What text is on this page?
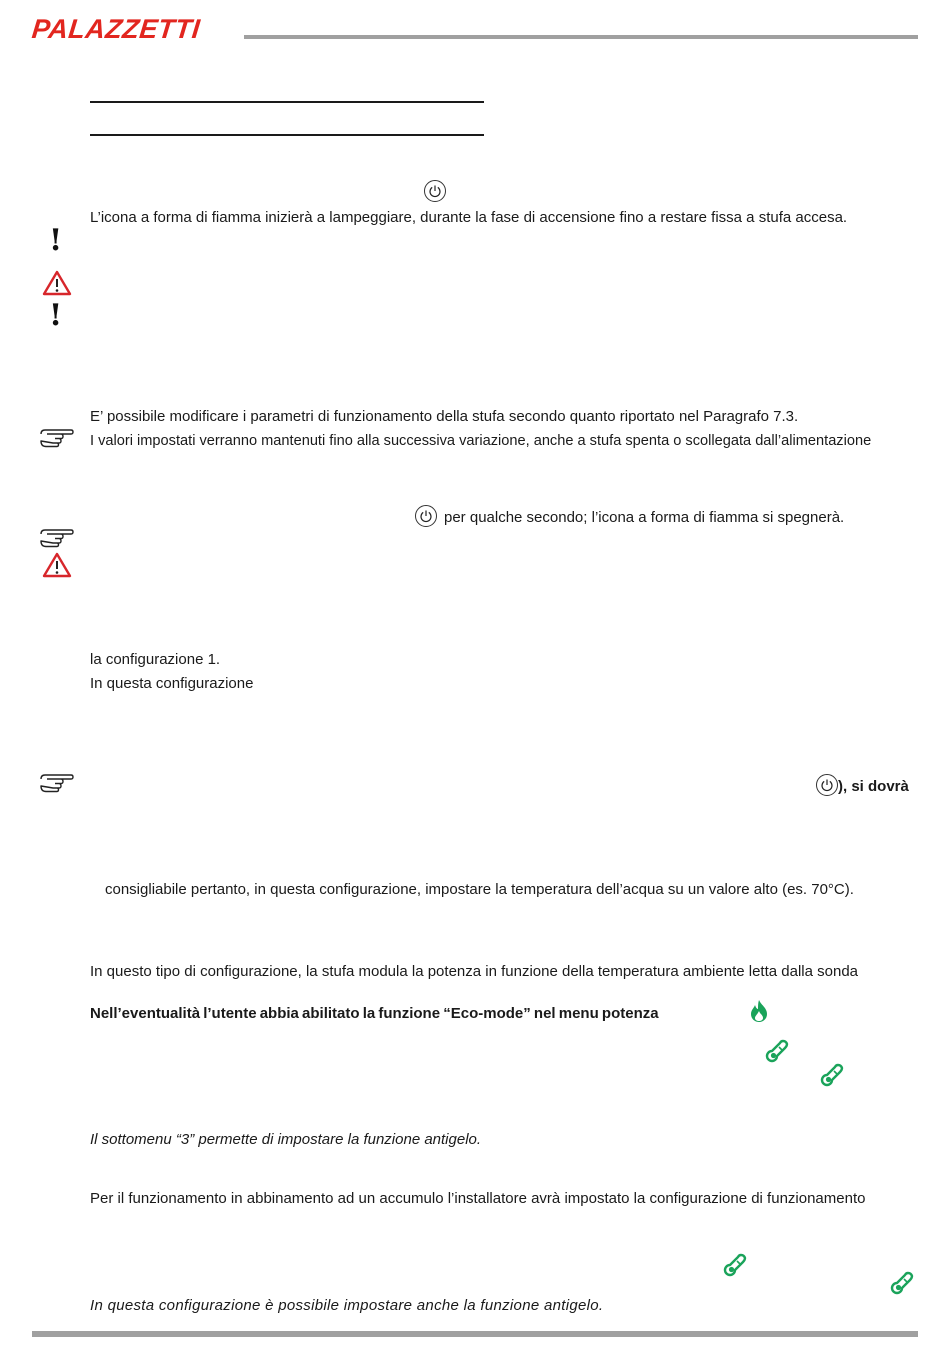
PALAZZETTI
L’icona a forma di fiamma inizierà a lampeggiare, durante la fase di accensione fino a restare fissa a stufa accesa.
!
!
E’ possibile modificare i parametri di funzionamento della stufa secondo quanto riportato nel Paragrafo 7.3.
I valori impostati verranno mantenuti fino alla successiva variazione, anche a stufa spenta o scollegata dall’alimentazione
per qualche secondo; l’icona a forma di fiamma si spegnerà.
la configurazione 1.
In questa configurazione
), si dovrà
consigliabile pertanto, in questa configurazione, impostare la temperatura dell’acqua su un valore alto (es. 70°C).
In questo tipo di configurazione, la stufa modula la potenza in funzione della temperatura ambiente letta dalla sonda
Nell’eventualità l’utente abbia abilitato la funzione “Eco-mode” nel menu potenza
Il sottomenu “3” permette di impostare la funzione antigelo.
Per il funzionamento in abbinamento ad un accumulo l’installatore avrà impostato la configurazione di funzionamento
In questa configurazione è possibile impostare anche la funzione antigelo.
